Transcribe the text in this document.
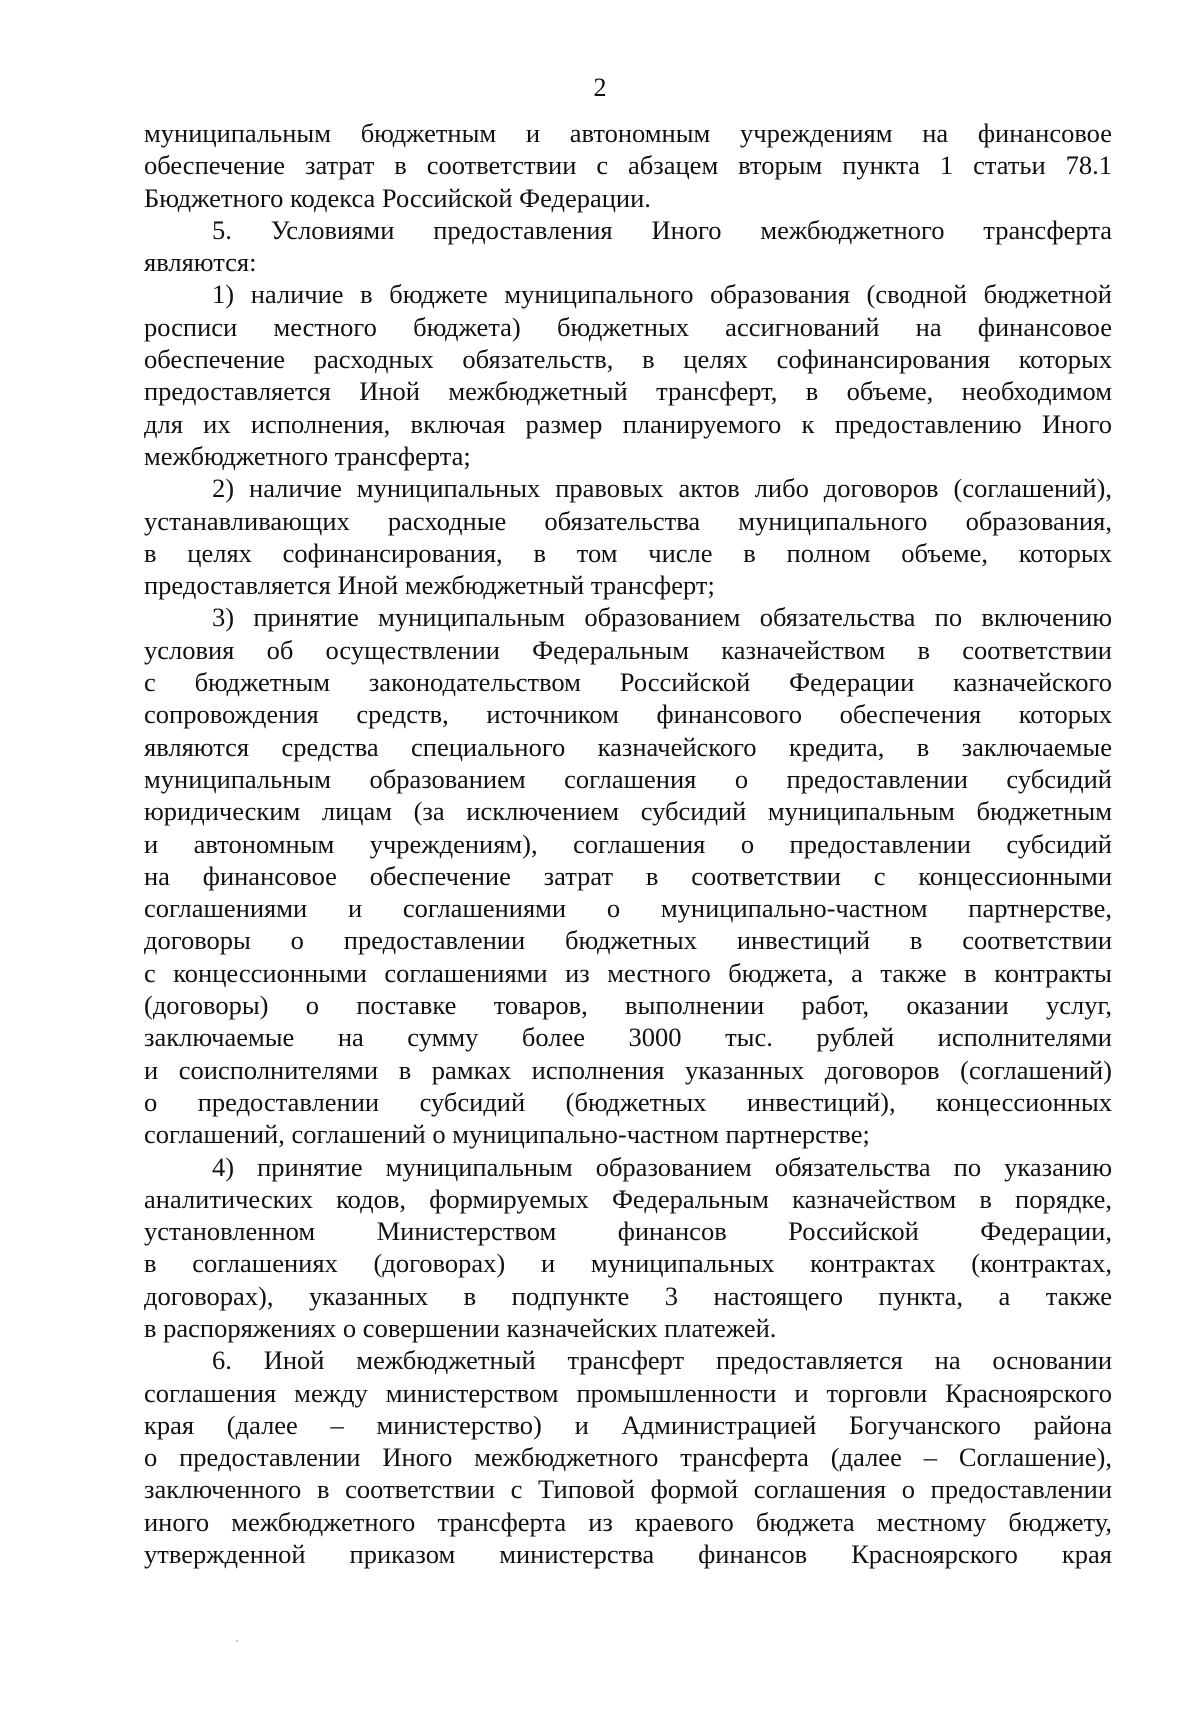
2
муниципальным бюджетным и автономным учреждениям на финансовое
обеспечение затрат в соответствии с абзацем вторым пункта 1 статьи 78.1
Бюджетного кодекса Российской Федерации.
5. Условиями предоставления Иного межбюджетного трансферта
являются:
1) наличие в бюджете муниципального образования (сводной бюджетной
росписи местного бюджета) бюджетных ассигнований на финансовое
обеспечение расходных обязательств, в целях софинансирования которых
предоставляется Иной межбюджетный трансферт, в объеме, необходимом
для их исполнения, включая размер планируемого к предоставлению Иного
межбюджетного трансферта;
2) наличие муниципальных правовых актов либо договоров (соглашений),
устанавливающих расходные обязательства муниципального образования,
в целях софинансирования, в том числе в полном объеме, которых
предоставляется Иной межбюджетный трансферт;
3) принятие муниципальным образованием обязательства по включению
условия об осуществлении Федеральным казначейством в соответствии
с бюджетным законодательством Российской Федерации казначейского
сопровождения средств, источником финансового обеспечения которых
являются средства специального казначейского кредита, в заключаемые
муниципальным образованием соглашения о предоставлении субсидий
юридическим лицам (за исключением субсидий муниципальным бюджетным
и автономным учреждениям), соглашения о предоставлении субсидий
на финансовое обеспечение затрат в соответствии с концессионными
соглашениями и соглашениями о муниципально-частном партнерстве,
договоры о предоставлении бюджетных инвестиций в соответствии
с концессионными соглашениями из местного бюджета, а также в контракты
(договоры) о поставке товаров, выполнении работ, оказании услуг,
заключаемые на сумму более 3000 тыс. рублей исполнителями
и соисполнителями в рамках исполнения указанных договоров (соглашений)
о предоставлении субсидий (бюджетных инвестиций), концессионных
соглашений, соглашений о муниципально-частном партнерстве;
4) принятие муниципальным образованием обязательства по указанию
аналитических кодов, формируемых Федеральным казначейством в порядке,
установленном Министерством финансов Российской Федерации,
в соглашениях (договорах) и муниципальных контрактах (контрактах,
договорах), указанных в подпункте 3 настоящего пункта, а также
в распоряжениях о совершении казначейских платежей.
6. Иной межбюджетный трансферт предоставляется на основании
соглашения между министерством промышленности и торговли Красноярского
края (далее – министерство) и Администрацией Богучанского района
о предоставлении Иного межбюджетного трансферта (далее – Соглашение),
заключенного в соответствии с Типовой формой соглашения о предоставлении
иного межбюджетного трансферта из краевого бюджета местному бюджету,
утвержденной приказом министерства финансов Красноярского края
